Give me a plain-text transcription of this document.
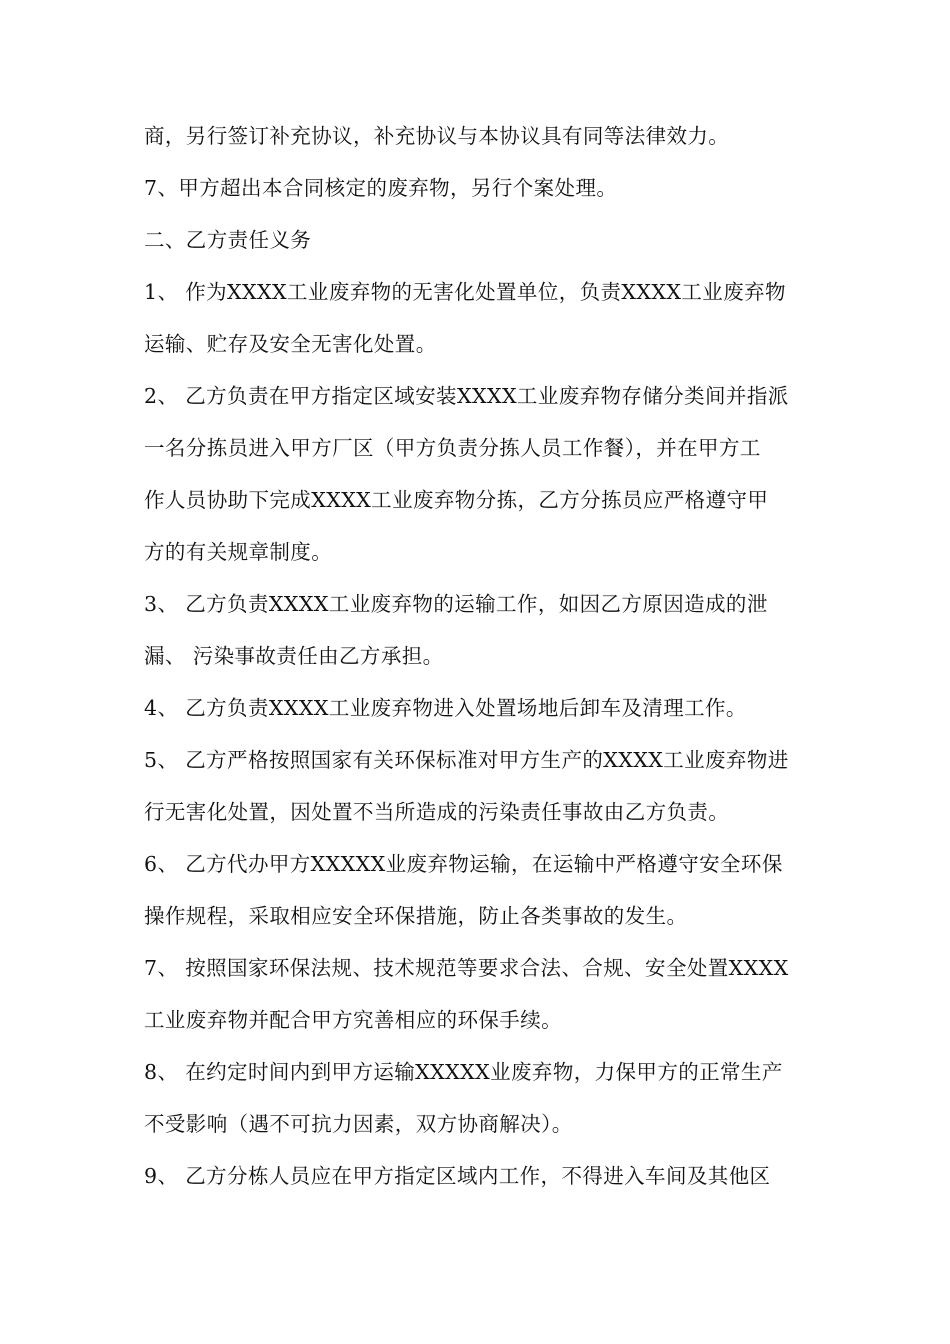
商，另行签订补充协议，补充协议与本协议具有同等法律效力。
7、甲方超出本合同核定的废弃物，另行个案处理。
二、乙方责任义务
1、 作为XXXX工业废弃物的无害化处置单位，负责XXXX工业废弃物
运输、贮存及安全无害化处置。
2、 乙方负责在甲方指定区域安装XXXX工业废弃物存储分类间并指派
一名分拣员进入甲方厂区（甲方负责分拣人员工作餐），并在甲方工
作人员协助下完成XXXX工业废弃物分拣，乙方分拣员应严格遵守甲
方的有关规章制度。
3、 乙方负责XXXX工业废弃物的运输工作，如因乙方原因造成的泄
漏、 污染事故责任由乙方承担。
4、 乙方负责XXXX工业废弃物进入处置场地后卸车及清理工作。
5、 乙方严格按照国家有关环保标准对甲方生产的XXXX工业废弃物进
行无害化处置，因处置不当所造成的污染责任事故由乙方负责。
6、 乙方代办甲方XXXXX业废弃物运输，在运输中严格遵守安全环保
操作规程，采取相应安全环保措施，防止各类事故的发生。
7、 按照国家环保法规、技术规范等要求合法、合规、安全处置XXXX
工业废弃物并配合甲方究善相应的环保手续。
8、 在约定时间内到甲方运输XXXXX业废弃物，力保甲方的正常生产
不受影响（遇不可抗力因素，双方协商解决）。
9、 乙方分栋人员应在甲方指定区域内工作，不得进入车间及其他区
